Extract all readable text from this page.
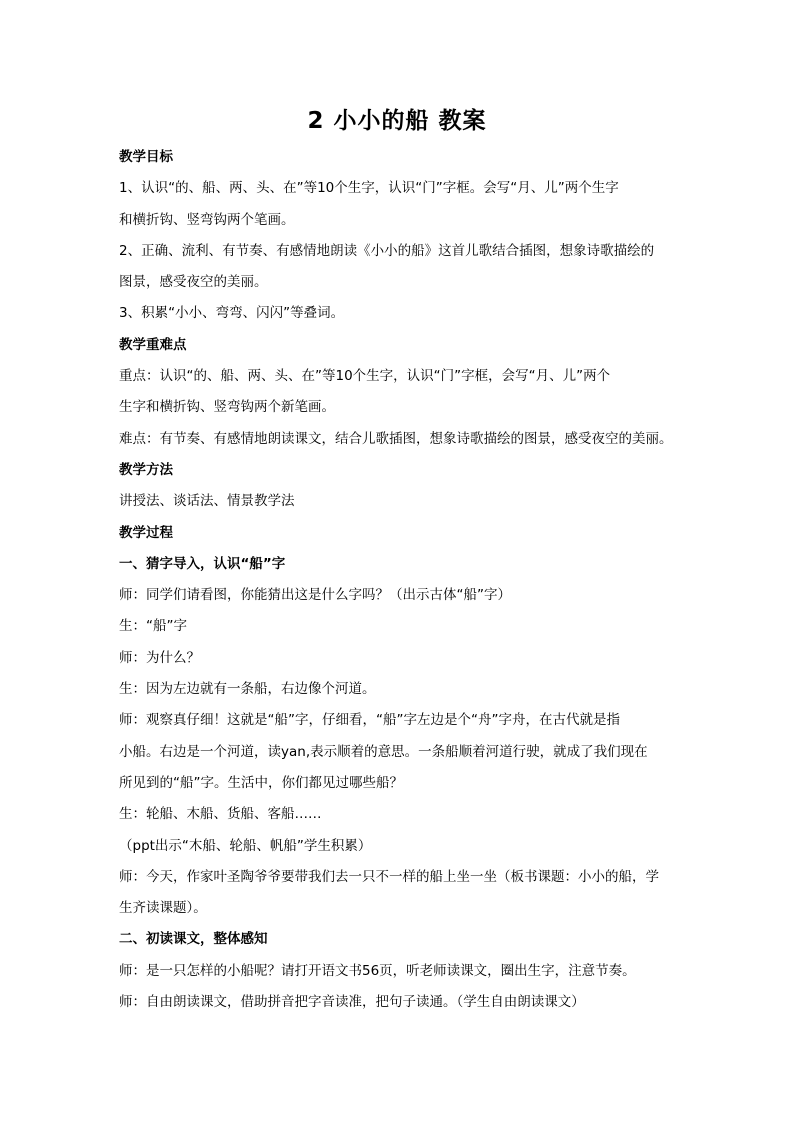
2 小小的船 教案
教学目标
1、认识“的、船、两、头、在”等10个生字，认识“门”字框。会写“月、儿”两个生字
和横折钩、竖弯钩两个笔画。
2、正确、流利、有节奏、有感情地朗读《小小的船》这首儿歌结合插图，想象诗歌描绘的
图景，感受夜空的美丽。
3、积累“小小、弯弯、闪闪”等叠词。
教学重难点
重点：认识“的、船、两、头、在”等10个生字，认识“门”字框，会写“月、儿”两个
生字和横折钩、竖弯钩两个新笔画。
难点：有节奏、有感情地朗读课文，结合儿歌插图，想象诗歌描绘的图景，感受夜空的美丽。
教学方法
讲授法、谈话法、情景教学法
教学过程
一、猜字导入，认识“船”字
师：同学们请看图，你能猜出这是什么字吗？（出示古体“船”字）
生：“船”字
师：为什么？
生：因为左边就有一条船，右边像个河道。
师：观察真仔细！这就是“船”字，仔细看，“船”字左边是个“舟”字舟，在古代就是指
小船。右边是一个河道，读yan,表示顺着的意思。一条船顺着河道行驶，就成了我们现在
所见到的“船”字。生活中，你们都见过哪些船？
生：轮船、木船、货船、客船……
（ppt出示“木船、轮船、帆船”学生积累）
师：今天，作家叶圣陶爷爷要带我们去一只不一样的船上坐一坐（板书课题：小小的船，学
生齐读课题）。
二、初读课文，整体感知
师：是一只怎样的小船呢？请打开语文书56页，听老师读课文，圈出生字，注意节奏。
师：自由朗读课文，借助拼音把字音读准，把句子读通。（学生自由朗读课文）
